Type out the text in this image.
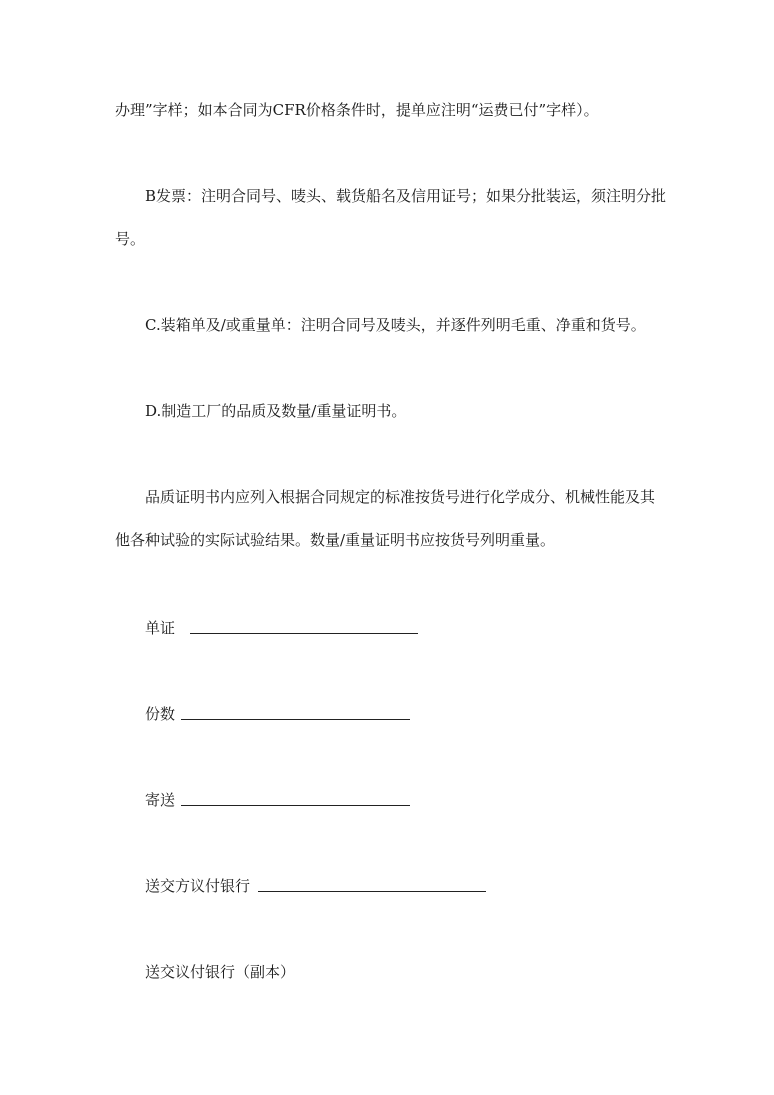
办理”字样；如本合同为CFR价格条件时，提单应注明“运费已付”字样）。
B发票：注明合同号、唛头、载货船名及信用证号；如果分批装运，须注明分批
号。
C.装箱单及/或重量单：注明合同号及唛头，并逐件列明毛重、净重和货号。
D.制造工厂的品质及数量/重量证明书。
品质证明书内应列入根据合同规定的标准按货号进行化学成分、机械性能及其
他各种试验的实际试验结果。数量/重量证明书应按货号列明重量。
单证
份数
寄送
送交方议付银行
送交议付银行（副本）
